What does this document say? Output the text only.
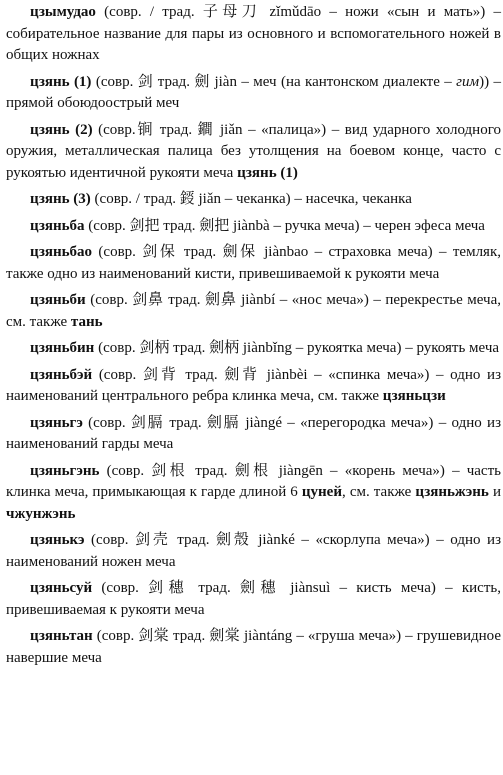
цзымудао (совр. / трад. 子母刀 zǐmǔdāo – ножи «сын и мать») – собирательное название для пары из основного и вспомогательного ножей в общих ножнах

цзянь (1) (совр. 剑 трад. 劍 jiàn – меч (на кантонском диалекте – гим)) – прямой обоюдоострый меч

цзянь (2) (совр.锏 трад. 鐧 jiǎn – «палица») – вид ударного холодного оружия, металлическая палица без утолщения на боевом конце, часто с рукоятью идентичной рукояти меча цзянь (1)

цзянь (3) (совр. / трад. 鋄 jiǎn – чеканка) – насечка, чеканка

цзяньба (совр. 剑把 трад. 劍把 jiànbà – ручка меча) – черен эфеса меча

цзяньбао (совр. 剑保 трад. 劍保 jiànbao – страховка меча) – темляк, также одно из наименований кисти, привешиваемой к рукояти меча

цзяньби (совр. 剑鼻 трад. 劍鼻 jiànbí – «нос меча») – перекрестье меча, см. также тань

цзяньбин (совр. 剑柄 трад. 劍柄 jiànbǐng – рукоятка меча) – рукоять меча

цзяньбэй (совр. 剑背 трад. 劍背 jiànbèi – «спинка меча») – одно из наименований центрального ребра клинка меча, см. также цзяньцзи

цзяньгэ (совр. 剑膈 трад. 劍膈 jiàngé – «перегородка меча») – одно из наименований гарды меча

цзяньгэнь (совр. 剑根 трад. 劍根 jiàngēn – «корень меча») – часть клинка меча, примыкающая к гарде длиной 6 цуней, см. также цзяньжэнь и чжунжэнь

цзянькэ (совр. 剑壳 трад. 劍殼 jiànké – «скорлупа меча») – одно из наименований ножен меча

цзяньсуй (совр. 剑穗 трад. 劍穗 jiànsuì – кисть меча) – кисть, привешиваемая к рукояти меча

цзяньтан (совр. 剑棠 трад. 劍棠 jiàntáng – «груша меча») – грушевидное навершие меча
